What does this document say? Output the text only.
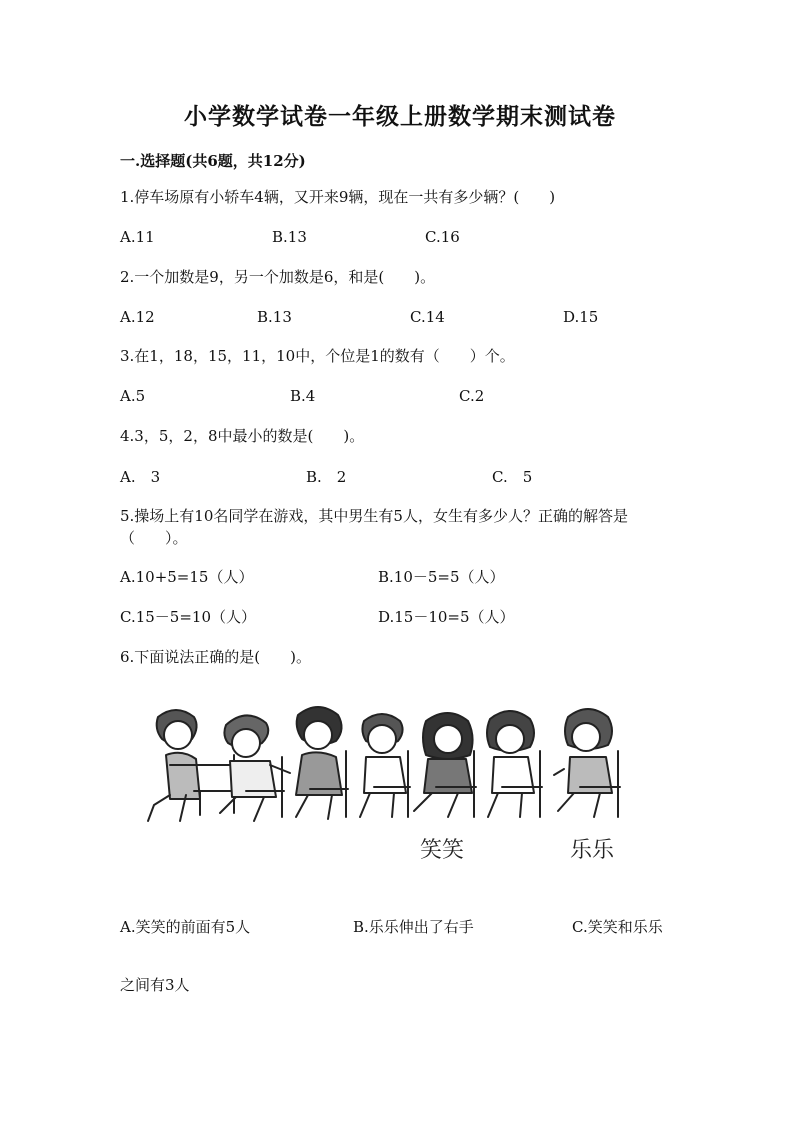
小学数学试卷一年级上册数学期末测试卷
一.选择题(共6题，共12分)
1.停车场原有小轿车4辆，又开来9辆，现在一共有多少辆？(　　)
A.11	B.13	C.16
2.一个加数是9，另一个加数是6，和是(　　)。
A.12	B.13	C.14	D.15
3.在1，18，15，11，10中，个位是1的数有（　　）个。
A.5	B.4	C.2
4.3，5，2，8中最小的数是(　　)。
A.　3	B.　2	C.　5
5.操场上有10名同学在游戏，其中男生有5人，女生有多少人？正确的解答是
（　　）。
A.10+5=15（人）	B.10－5=5（人）
C.15－5=10（人）	D.15－10=5（人）
6.下面说法正确的是(　　)。
笑笑	乐乐
A.笑笑的前面有5人	B.乐乐伸出了右手	C.笑笑和乐乐
之间有3人
